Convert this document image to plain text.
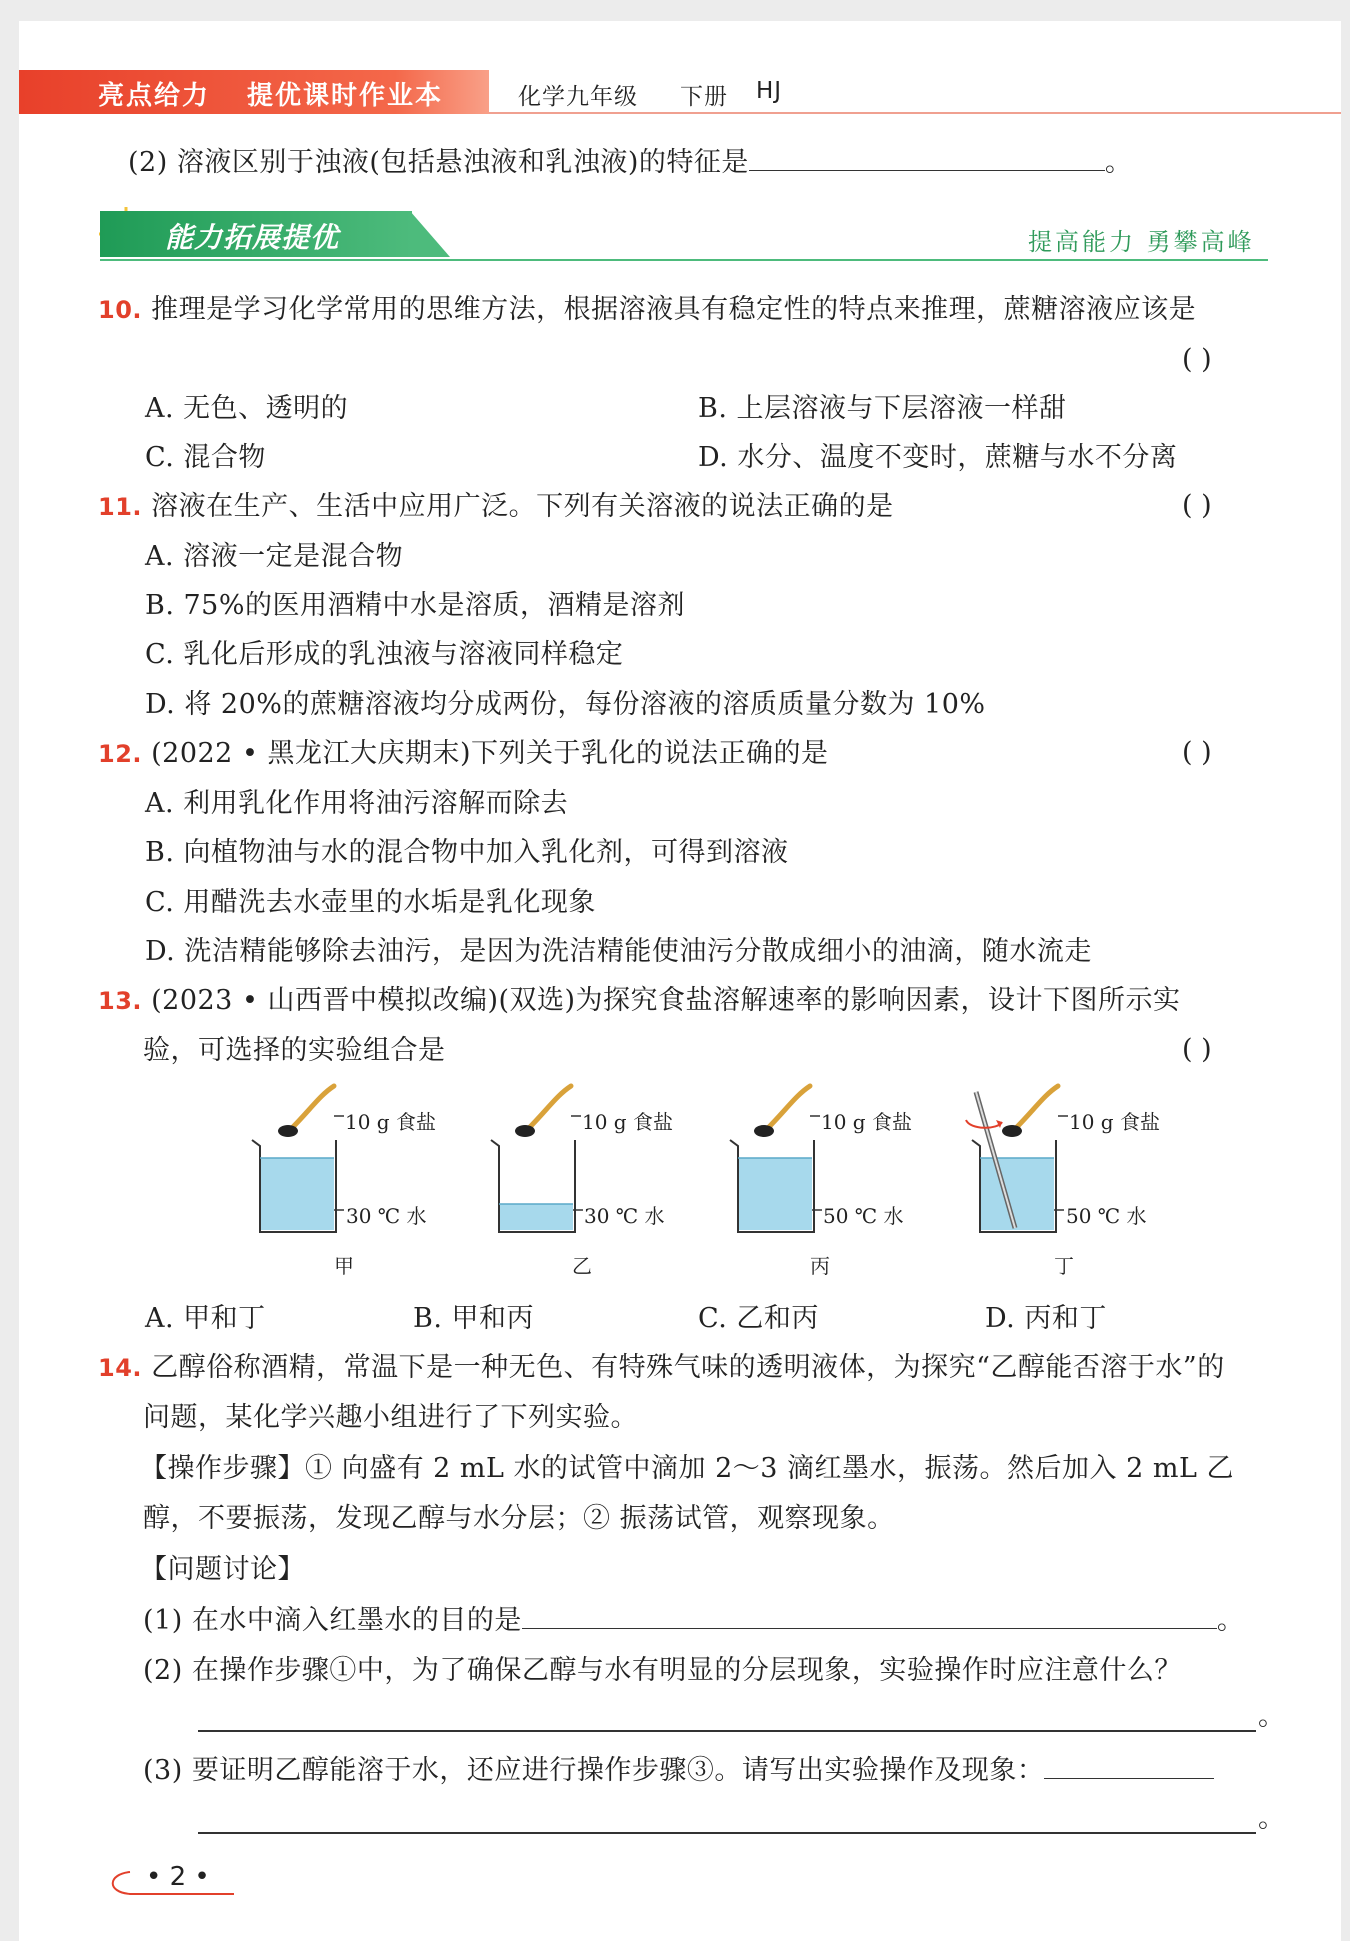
亮点给力 提优课时作业本	化学九年级 下册 HJ
(2) 溶液区别于浊液(包括悬浊液和乳浊液)的特征是	。
能力拓展提优	提高能力 勇攀高峰
10. 推理是学习化学常用的思维方法，根据溶液具有稳定性的特点来推理，蔗糖溶液应该是
( )
A. 无色、透明的	B. 上层溶液与下层溶液一样甜
C. 混合物	D. 水分、温度不变时，蔗糖与水不分离
11. 溶液在生产、生活中应用广泛。下列有关溶液的说法正确的是	( )
A. 溶液一定是混合物
B. 75%的医用酒精中水是溶质，酒精是溶剂
C. 乳化后形成的乳浊液与溶液同样稳定
D. 将 20%的蔗糖溶液均分成两份，每份溶液的溶质质量分数为 10%
12. (2022 • 黑龙江大庆期末)下列关于乳化的说法正确的是	( )
A. 利用乳化作用将油污溶解而除去
B. 向植物油与水的混合物中加入乳化剂，可得到溶液
C. 用醋洗去水壶里的水垢是乳化现象
D. 洗洁精能够除去油污，是因为洗洁精能使油污分散成细小的油滴，随水流走
13. (2023 • 山西晋中模拟改编)(双选)为探究食盐溶解速率的影响因素，设计下图所示实
验，可选择的实验组合是	( )
10 g 食盐
30 ℃ 水
甲
10 g 食盐
30 ℃ 水
乙
10 g 食盐
50 ℃ 水
丙
10 g 食盐
50 ℃ 水
丁
A. 甲和丁	B. 甲和丙	C. 乙和丙	D. 丙和丁
14. 乙醇俗称酒精，常温下是一种无色、有特殊气味的透明液体，为探究“乙醇能否溶于水”的
问题，某化学兴趣小组进行了下列实验。
【操作步骤】① 向盛有 2 mL 水的试管中滴加 2～3 滴红墨水，振荡。然后加入 2 mL 乙
醇，不要振荡，发现乙醇与水分层；② 振荡试管，观察现象。
【问题讨论】
(1) 在水中滴入红墨水的目的是	。
(2) 在操作步骤①中，为了确保乙醇与水有明显的分层现象，实验操作时应注意什么？
。
(3) 要证明乙醇能溶于水，还应进行操作步骤③。请写出实验操作及现象：
。
• 2 •
